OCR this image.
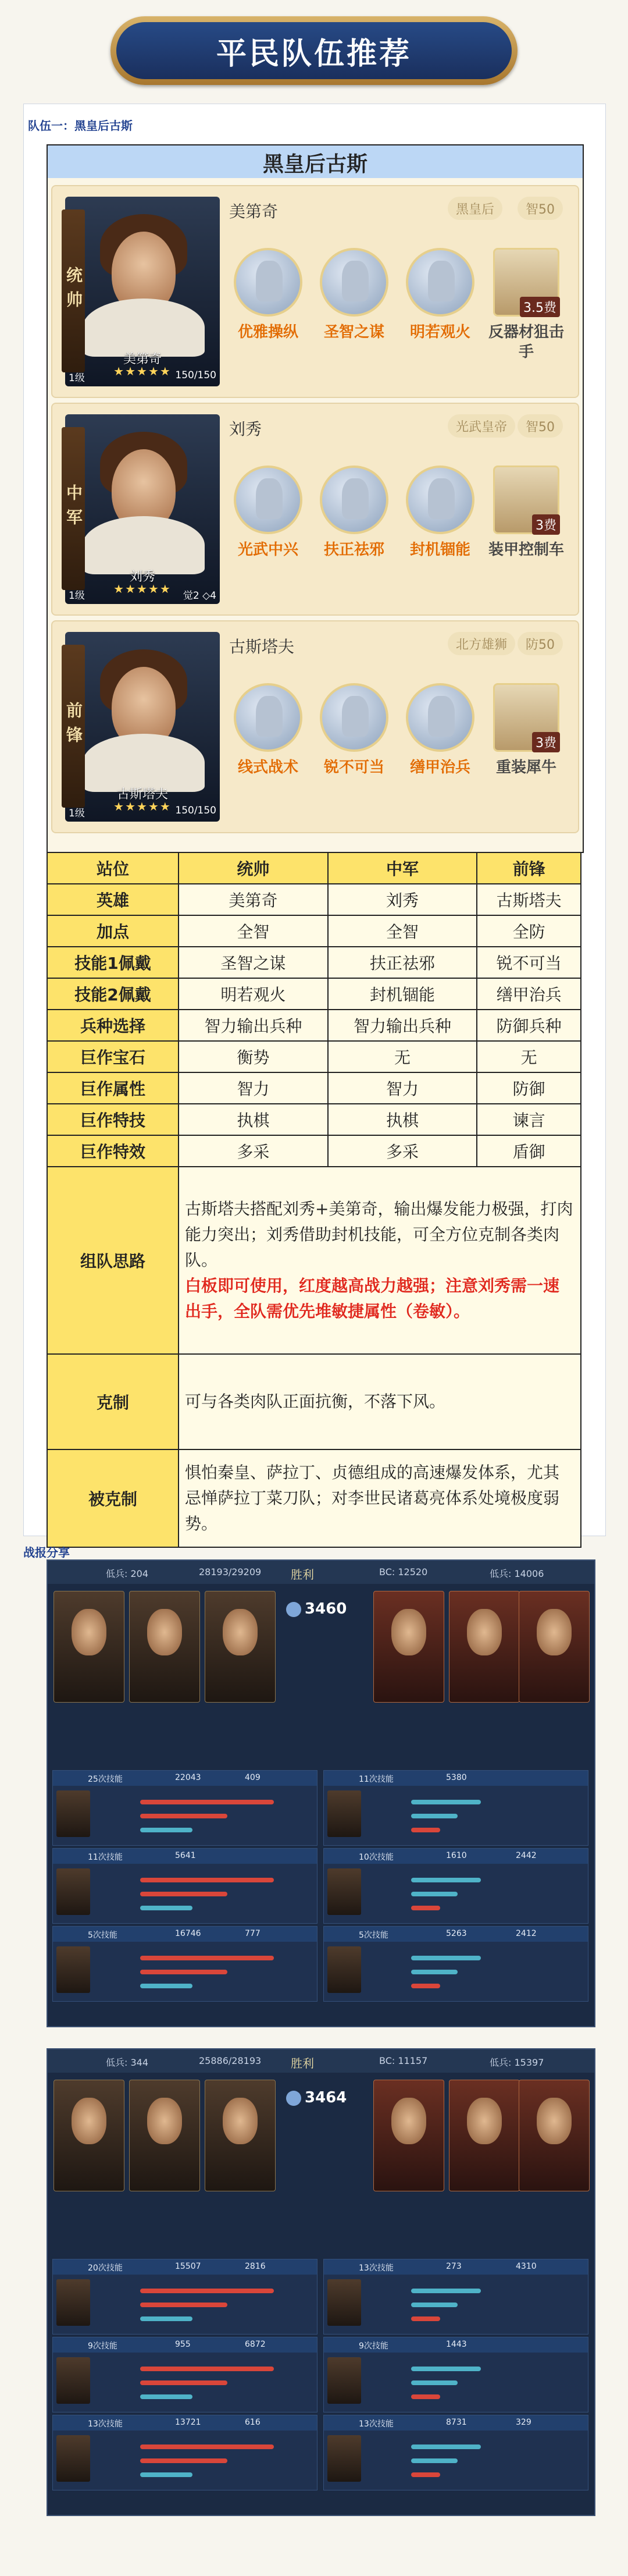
平民队伍推荐
队伍一：黑皇后古斯
黑皇后古斯
美第奇
★★★★★
1级	150/150
统帅
美第奇	黑皇后	智50
优雅操纵	圣智之谋	明若观火
3.5费
反器材狙击手
刘秀
★★★★★
1级	觉2 ◇4
中军
刘秀	光武皇帝	智50
光武中兴	扶正祛邪	封机锢能
3费
装甲控制车
古斯塔夫
★★★★★
1级	150/150
前锋
古斯塔夫	北方雄狮	防50
线式战术	锐不可当	缮甲治兵
3费
重装犀牛
站位	统帅	中军	前锋
英雄	美第奇	刘秀	古斯塔夫
加点	全智	全智	全防
技能1佩戴	圣智之谋	扶正祛邪	锐不可当
技能2佩戴	明若观火	封机锢能	缮甲治兵
兵种选择	智力输出兵种	智力输出兵种	防御兵种
巨作宝石	衡势	无	无
巨作属性	智力	智力	防御
巨作特技	执棋	执棋	谏言
巨作特效	多采	多采	盾御
组队思路	古斯塔夫搭配刘秀+美第奇，输出爆发能力极强，打肉能力突出；刘秀借助封机技能，可全方位克制各类肉队。
白板即可使用，红度越高战力越强；注意刘秀需一速出手，全队需优先堆敏捷属性（卷敏）。		
克制	可与各类肉队正面抗衡，不落下风。		
被克制	惧怕秦皇、萨拉丁、贞德组成的高速爆发体系，尤其忌惮萨拉丁菜刀队；对李世民诸葛亮体系处境极度弱势。		
战报分享
低兵: 204	28193/29209	BC: 12520	低兵: 14006
胜利
3460
25次技能	22043	409	11次技能	5380
11次技能	5641	10次技能	1610	2442
5次技能	16746	777	5次技能	5263	2412
低兵: 344	25886/28193	BC: 11157	低兵: 15397
胜利
3464
20次技能	15507	2816	13次技能	273	4310
9次技能	955	6872	9次技能	1443
13次技能	13721	616	13次技能	8731	329
